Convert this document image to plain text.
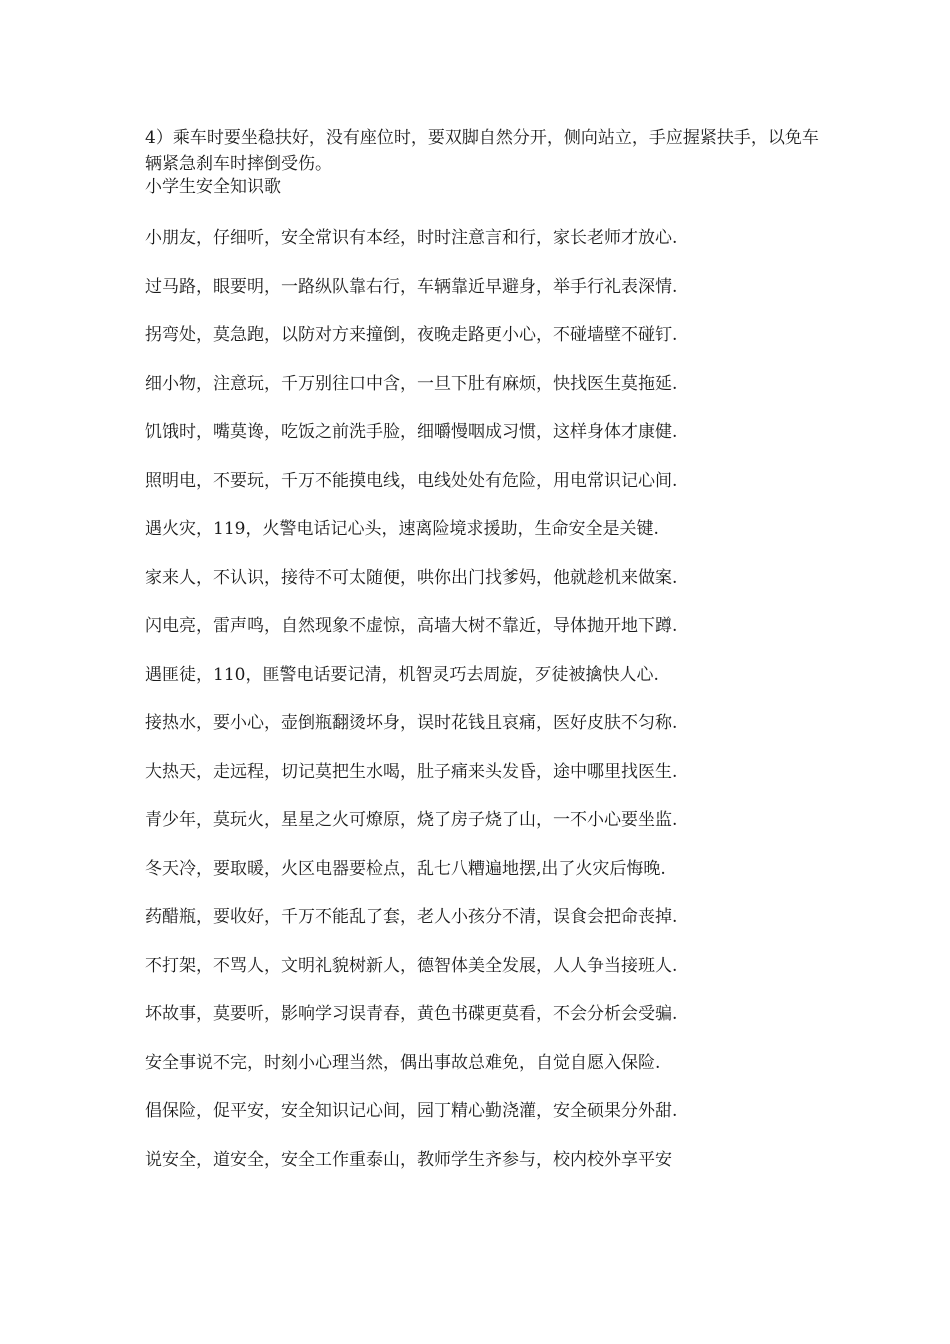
4）乘车时要坐稳扶好，没有座位时，要双脚自然分开，侧向站立，手应握紧扶手，以免车辆紧急刹车时摔倒受伤。

小学生安全知识歌

小朋友，仔细听，安全常识有本经，时时注意言和行，家长老师才放心.
过马路，眼要明，一路纵队靠右行，车辆靠近早避身，举手行礼表深情.
拐弯处，莫急跑，以防对方来撞倒，夜晚走路更小心，不碰墙壁不碰钉.
细小物，注意玩，千万别往口中含，一旦下肚有麻烦，快找医生莫拖延.
饥饿时，嘴莫谗，吃饭之前洗手脸，细嚼慢咽成习惯，这样身体才康健.
照明电，不要玩，千万不能摸电线，电线处处有危险，用电常识记心间.
遇火灾，119，火警电话记心头，速离险境求援助，生命安全是关键.
家来人，不认识，接待不可太随便，哄你出门找爹妈，他就趁机来做案.
闪电亮，雷声鸣，自然现象不虚惊，高墙大树不靠近，导体抛开地下蹲.
遇匪徒，110，匪警电话要记清，机智灵巧去周旋，歹徒被擒快人心.
接热水，要小心，壶倒瓶翻烫坏身，误时花钱且哀痛，医好皮肤不匀称.
大热天，走远程，切记莫把生水喝，肚子痛来头发昏，途中哪里找医生.
青少年，莫玩火，星星之火可燎原，烧了房子烧了山，一不小心要坐监.
冬天冷，要取暖，火区电器要检点，乱七八糟遍地摆,出了火灾后悔晚.
药醋瓶，要收好，千万不能乱了套，老人小孩分不清，误食会把命丧掉.
不打架，不骂人，文明礼貌树新人，德智体美全发展，人人争当接班人.
坏故事，莫要听，影响学习误青春，黄色书碟更莫看，不会分析会受骗.
安全事说不完，时刻小心理当然，偶出事故总难免，自觉自愿入保险.
倡保险，促平安，安全知识记心间，园丁精心勤浇灌，安全硕果分外甜.
说安全，道安全，安全工作重泰山，教师学生齐参与，校内校外享平安
